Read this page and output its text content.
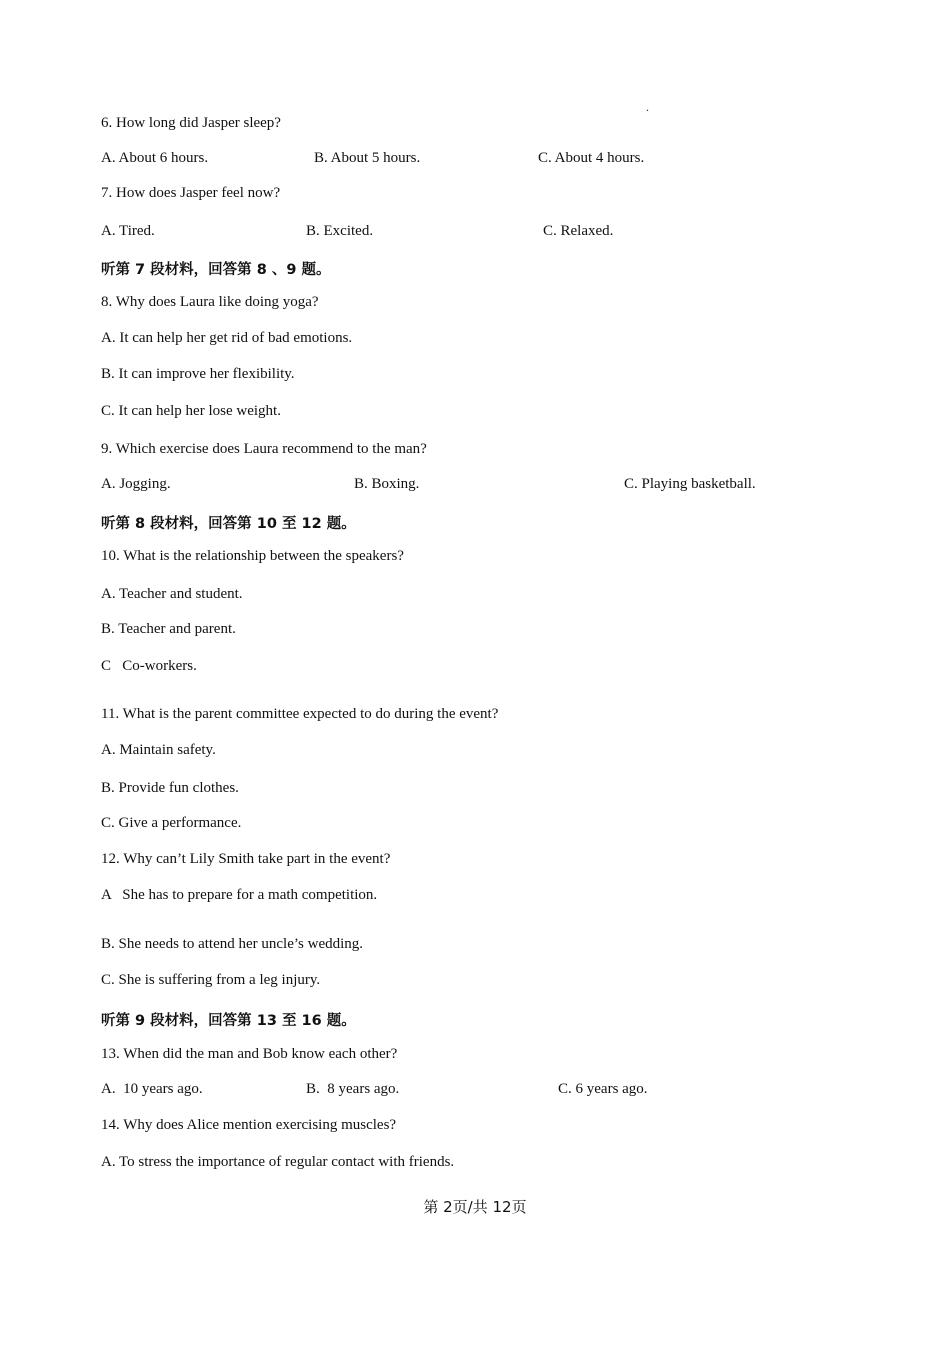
.
6. How long did Jasper sleep?
A. About 6 hours.	B. About 5 hours.	C. About 4 hours.
7. How does Jasper feel now?
A. Tired.	B. Excited.	C. Relaxed.
听第 7 段材料，回答第 8 、9 题。
8. Why does Laura like doing yoga?
A. It can help her get rid of bad emotions.
B. It can improve her flexibility.
C. It can help her lose weight.
9. Which exercise does Laura recommend to the man?
A. Jogging.	B. Boxing.	C. Playing basketball.
听第 8 段材料，回答第 10 至 12 题。
10. What is the relationship between the speakers?
A. Teacher and student.
B. Teacher and parent.
C   Co-workers.
11. What is the parent committee expected to do during the event?
A. Maintain safety.
B. Provide fun clothes.
C. Give a performance.
12. Why can’t Lily Smith take part in the event?
A   She has to prepare for a math competition.
B. She needs to attend her uncle’s wedding.
C. She is suffering from a leg injury.
听第 9 段材料，回答第 13 至 16 题。
13. When did the man and Bob know each other?
A.  10 years ago.	B.  8 years ago.	C. 6 years ago.
14. Why does Alice mention exercising muscles?
A. To stress the importance of regular contact with friends.
第 2页/共 12页
